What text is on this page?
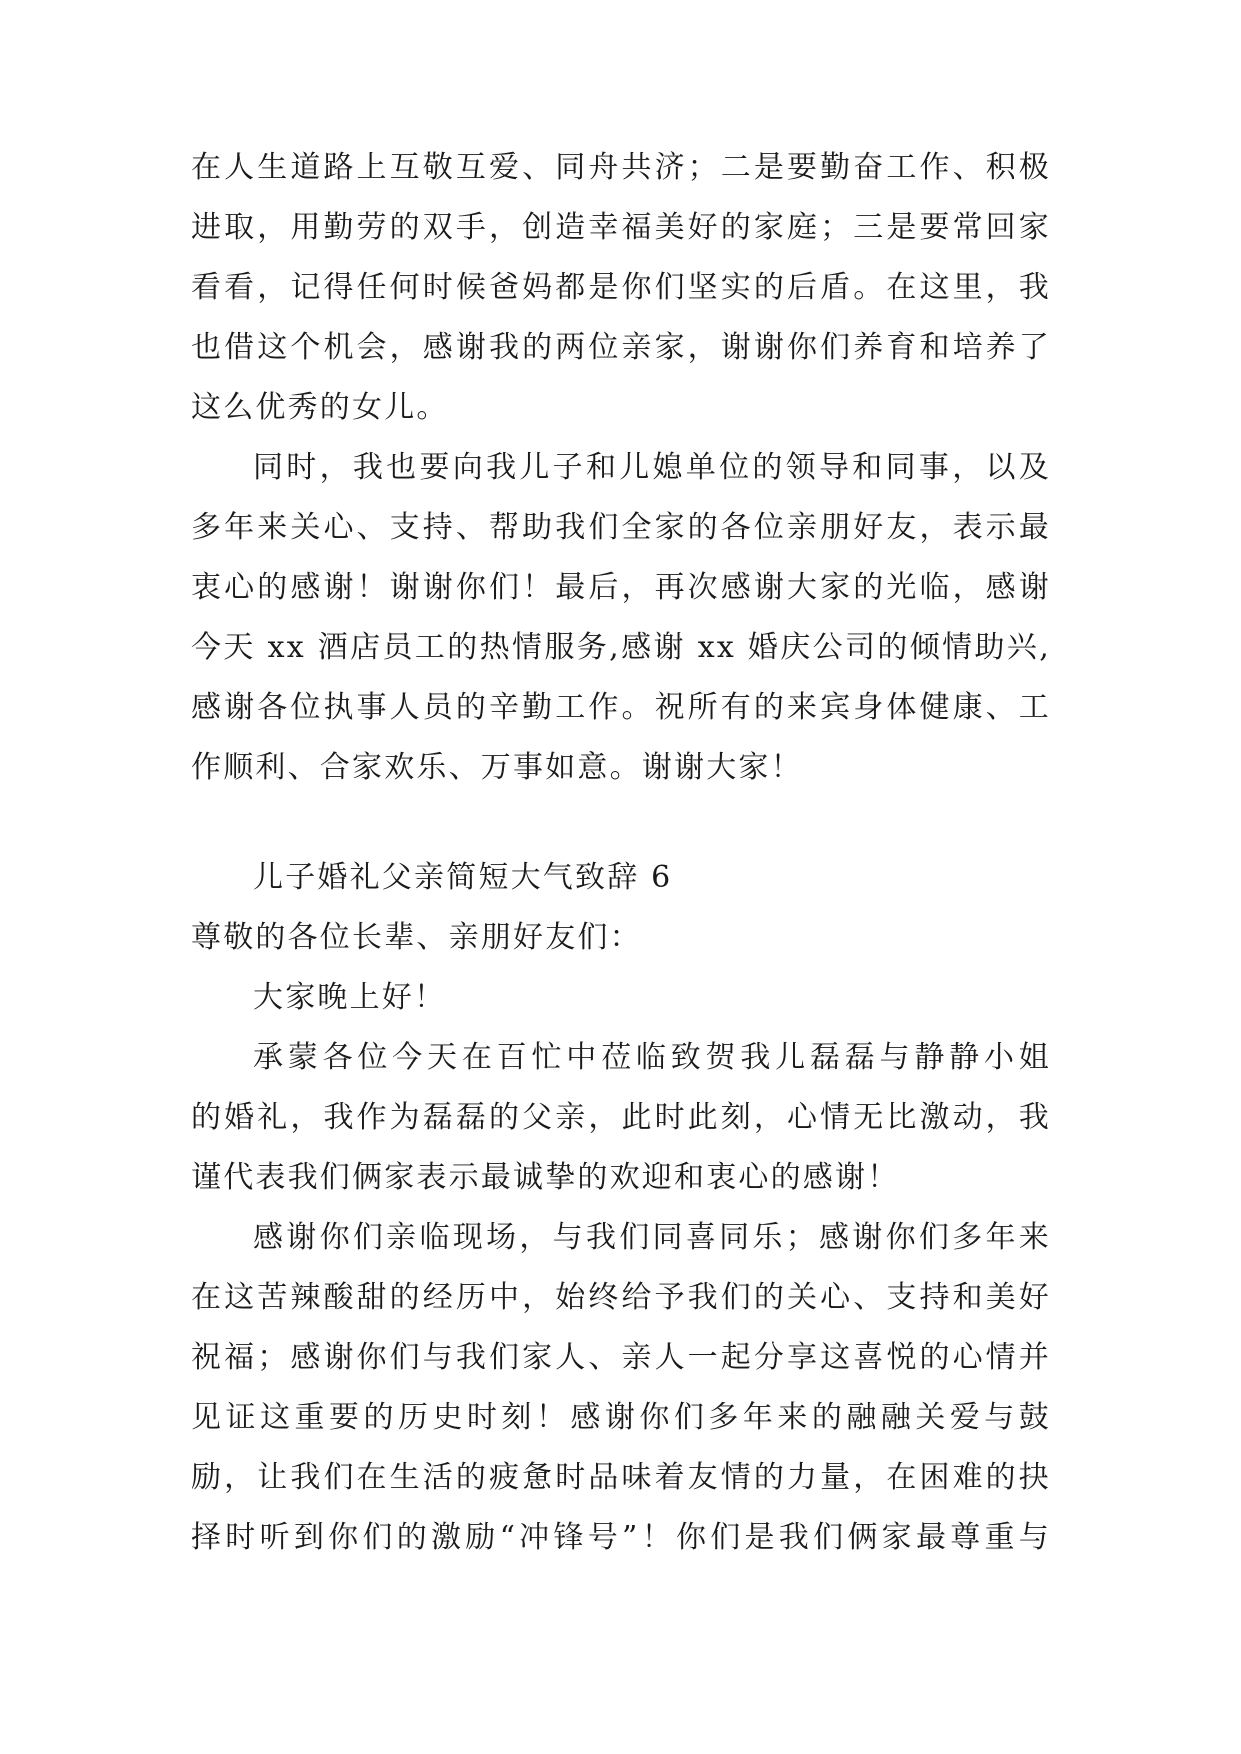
在人生道路上互敬互爱、同舟共济；二是要勤奋工作、积极
进取，用勤劳的双手，创造幸福美好的家庭；三是要常回家
看看，记得任何时候爸妈都是你们坚实的后盾。在这里，我
也借这个机会，感谢我的两位亲家，谢谢你们养育和培养了
这么优秀的女儿。
同时，我也要向我儿子和儿媳单位的领导和同事，以及
多年来关心、支持、帮助我们全家的各位亲朋好友，表示最
衷心的感谢！谢谢你们！最后，再次感谢大家的光临，感谢
今天 xx 酒店员工的热情服务,感谢 xx 婚庆公司的倾情助兴,
感谢各位执事人员的辛勤工作。祝所有的来宾身体健康、工
作顺利、合家欢乐、万事如意。谢谢大家！
儿子婚礼父亲简短大气致辞 6
尊敬的各位长辈、亲朋好友们：
大家晚上好！
承蒙各位今天在百忙中莅临致贺我儿磊磊与静静小姐
的婚礼，我作为磊磊的父亲，此时此刻，心情无比激动，我
谨代表我们俩家表示最诚挚的欢迎和衷心的感谢！
感谢你们亲临现场，与我们同喜同乐；感谢你们多年来
在这苦辣酸甜的经历中，始终给予我们的关心、支持和美好
祝福；感谢你们与我们家人、亲人一起分享这喜悦的心情并
见证这重要的历史时刻！感谢你们多年来的融融关爱与鼓
励，让我们在生活的疲惫时品味着友情的力量，在困难的抉
择时听到你们的激励“冲锋号”！你们是我们俩家最尊重与
